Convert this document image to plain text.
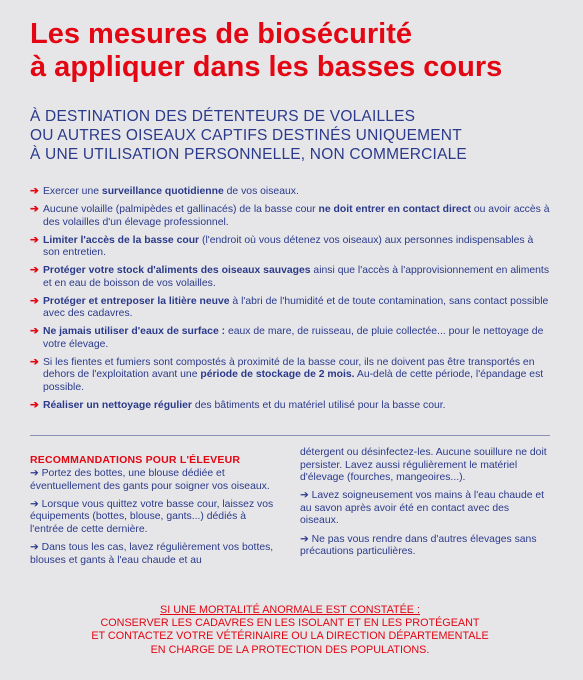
Les mesures de biosécurité
à appliquer dans les basses cours
À DESTINATION DES DÉTENTEURS DE VOLAILLES
OU AUTRES OISEAUX CAPTIFS DESTINÉS UNIQUEMENT
À UNE UTILISATION PERSONNELLE, NON COMMERCIALE
➔ Exercer une surveillance quotidienne de vos oiseaux.
➔ Aucune volaille (palmipèdes et gallinacés) de la basse cour ne doit entrer en contact direct ou avoir accès à des volailles d'un élevage professionnel.
➔ Limiter l'accès de la basse cour (l'endroit où vous détenez vos oiseaux) aux personnes indispensables à son entretien.
➔ Protéger votre stock d'aliments des oiseaux sauvages ainsi que l'accès à l'approvisionnement en aliments et en eau de boisson de vos volailles.
➔ Protéger et entreposer la litière neuve à l'abri de l'humidité et de toute contamination, sans contact possible avec des cadavres.
➔ Ne jamais utiliser d'eaux de surface : eaux de mare, de ruisseau, de pluie collectée... pour le nettoyage de votre élevage.
➔ Si les fientes et fumiers sont compostés à proximité de la basse cour, ils ne doivent pas être transportés en dehors de l'exploitation avant une période de stockage de 2 mois. Au-delà de cette période, l'épandage est possible.
➔ Réaliser un nettoyage régulier des bâtiments et du matériel utilisé pour la basse cour.
RECOMMANDATIONS POUR L'ÉLEVEUR

➔ Portez des bottes, une blouse dédiée et éventuellement des gants pour soigner vos oiseaux.

➔ Lorsque vous quittez votre basse cour, laissez vos équipements (bottes, blouse, gants...) dédiés à l'entrée de cette dernière.

➔ Dans tous les cas, lavez régulièrement vos bottes, blouses et gants à l'eau chaude et au

détergent ou désinfectez-les. Aucune souillure ne doit persister. Lavez aussi régulièrement le matériel d'élevage (fourches, mangeoires...).

➔ Lavez soigneusement vos mains à l'eau chaude et au savon après avoir été en contact avec des oiseaux.

➔ Ne pas vous rendre dans d'autres élevages sans précautions particulières.

SI UNE MORTALITÉ ANORMALE EST CONSTATÉE :
CONSERVER LES CADAVRES EN LES ISOLANT ET EN LES PROTÉGEANT
ET CONTACTEZ VOTRE VÉTÉRINAIRE OU LA DIRECTION DÉPARTEMENTALE
EN CHARGE DE LA PROTECTION DES POPULATIONS.
